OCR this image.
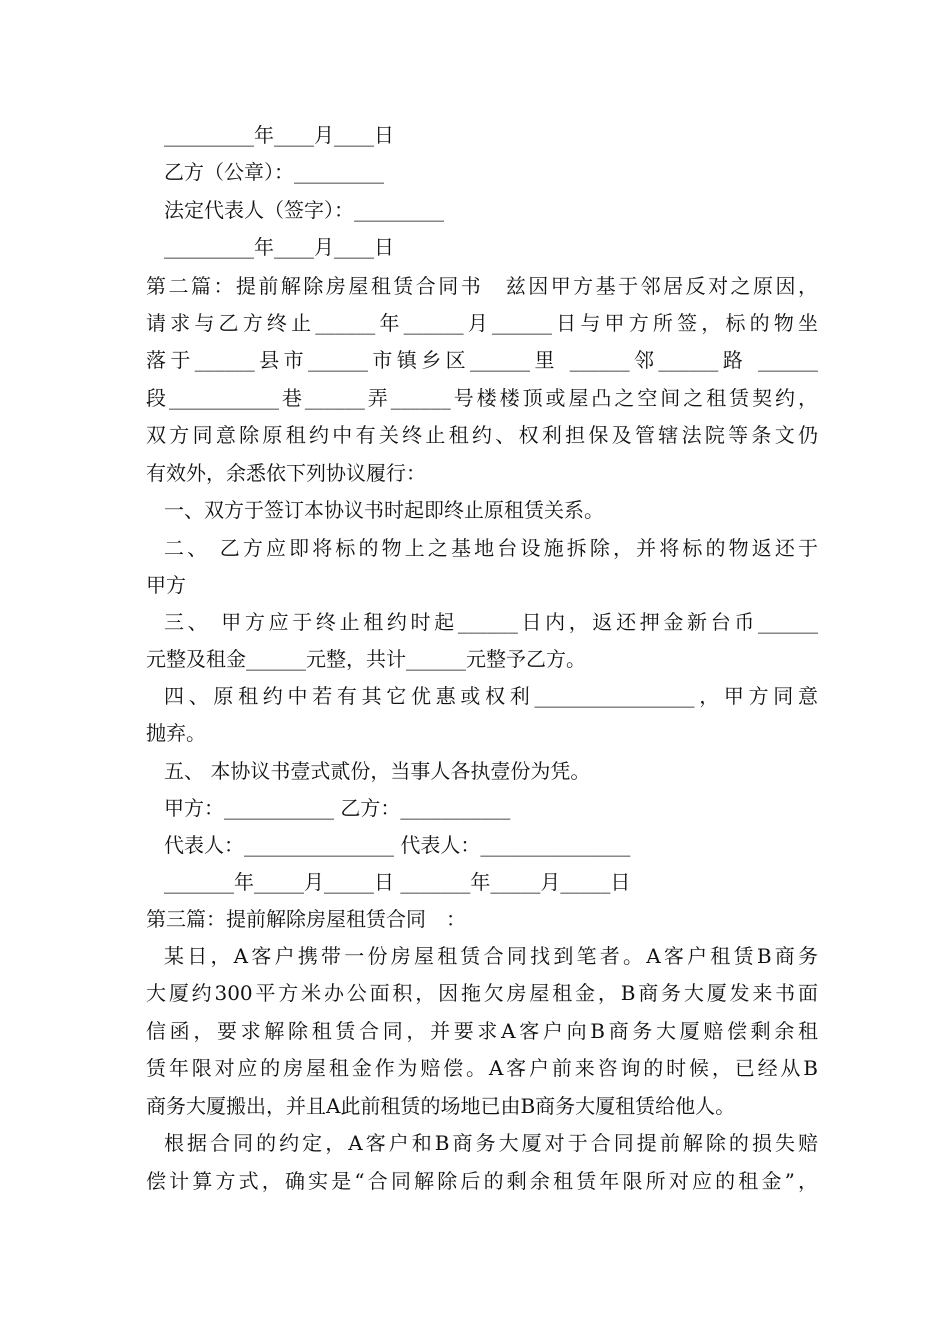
_________年____月____日
乙方（公章）：_________
法定代表人（签字）：_________
_________年____月____日
第二篇：提前解除房屋租赁合同书　兹因甲方基于邻居反对之原因，
请求与乙方终止______年______月______日与甲方所签，标的物坐
落于______县市______市镇乡区______里 ______邻______路 ______
段___________巷______弄______号楼楼顶或屋凸之空间之租赁契约，
双方同意除原租约中有关终止租约、权利担保及管辖法院等条文仍
有效外，余悉依下列协议履行：
一、双方于签订本协议书时起即终止原租赁关系。
二、 乙方应即将标的物上之基地台设施拆除，并将标的物返还于
甲方
三、 甲方应于终止租约时起______日内，返还押金新台币______
元整及租金______元整，共计______元整予乙方。
四、原租约中若有其它优惠或权利________________，甲方同意
抛弃。
五、 本协议书壹式贰份，当事人各执壹份为凭。
甲方：___________ 乙方：___________
代表人：_______________ 代表人：_______________
_______年_____月_____日 _______年_____月_____日
第三篇：提前解除房屋租赁合同　：
某日，A客户携带一份房屋租赁合同找到笔者。A客户租赁B商务
大厦约300平方米办公面积，因拖欠房屋租金，B商务大厦发来书面
信函，要求解除租赁合同，并要求A客户向B商务大厦赔偿剩余租
赁年限对应的房屋租金作为赔偿。A客户前来咨询的时候，已经从B
商务大厦搬出，并且A此前租赁的场地已由B商务大厦租赁给他人。
根据合同的约定，A客户和B商务大厦对于合同提前解除的损失赔
偿计算方式，确实是“合同解除后的剩余租赁年限所对应的租金”，
